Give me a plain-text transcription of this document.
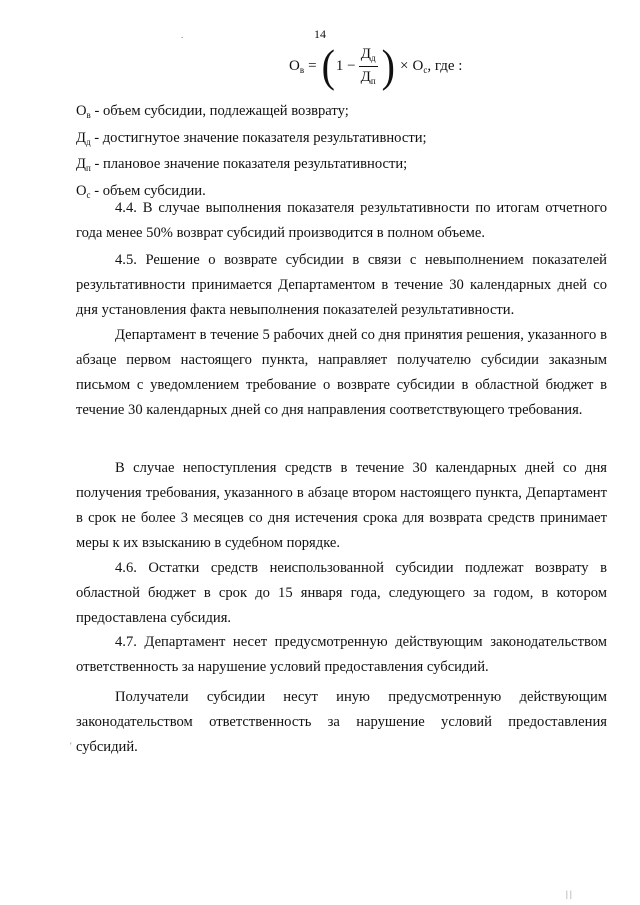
14
.
'
| |
$О_в$ = ( $1 - \frac{Д_д}{Д_п}$ ) × $О_с$ , где :

$О_в$ - объем субсидии, подлежащей возврату;

$Д_д$ - достигнутое значение показателя результативности;

$Д_п$ - плановое значение показателя результативности;

$О_с$ - объем субсидии.

4.4. В случае выполнения показателя результативности по итогам отчетного года менее 50% возврат субсидий производится в полном объеме.

4.5. Решение о возврате субсидии в связи с невыполнением показателей результативности принимается Департаментом в течение 30 календарных дней со дня установления факта невыполнения показателей результативности.

Департамент в течение 5 рабочих дней со дня принятия решения, указанного в абзаце первом настоящего пункта, направляет получателю субсидии заказным письмом с уведомлением требование о возврате субсидии в областной бюджет в течение 30 календарных дней со дня направления соответствующего требования.

В случае непоступления средств в течение 30 календарных дней со дня получения требования, указанного в абзаце втором настоящего пункта, Департамент в срок не более 3 месяцев со дня истечения срока для возврата средств принимает меры к их взысканию в судебном порядке.

4.6. Остатки средств неиспользованной субсидии подлежат возврату в областной бюджет в срок до 15 января года, следующего за годом, в котором предоставлена субсидия.

4.7. Департамент несет предусмотренную действующим законодательством ответственность за нарушение условий предоставления субсидий.

Получатели субсидии несут иную предусмотренную действующим законодательством ответственность за нарушение условий предоставления субсидий.
